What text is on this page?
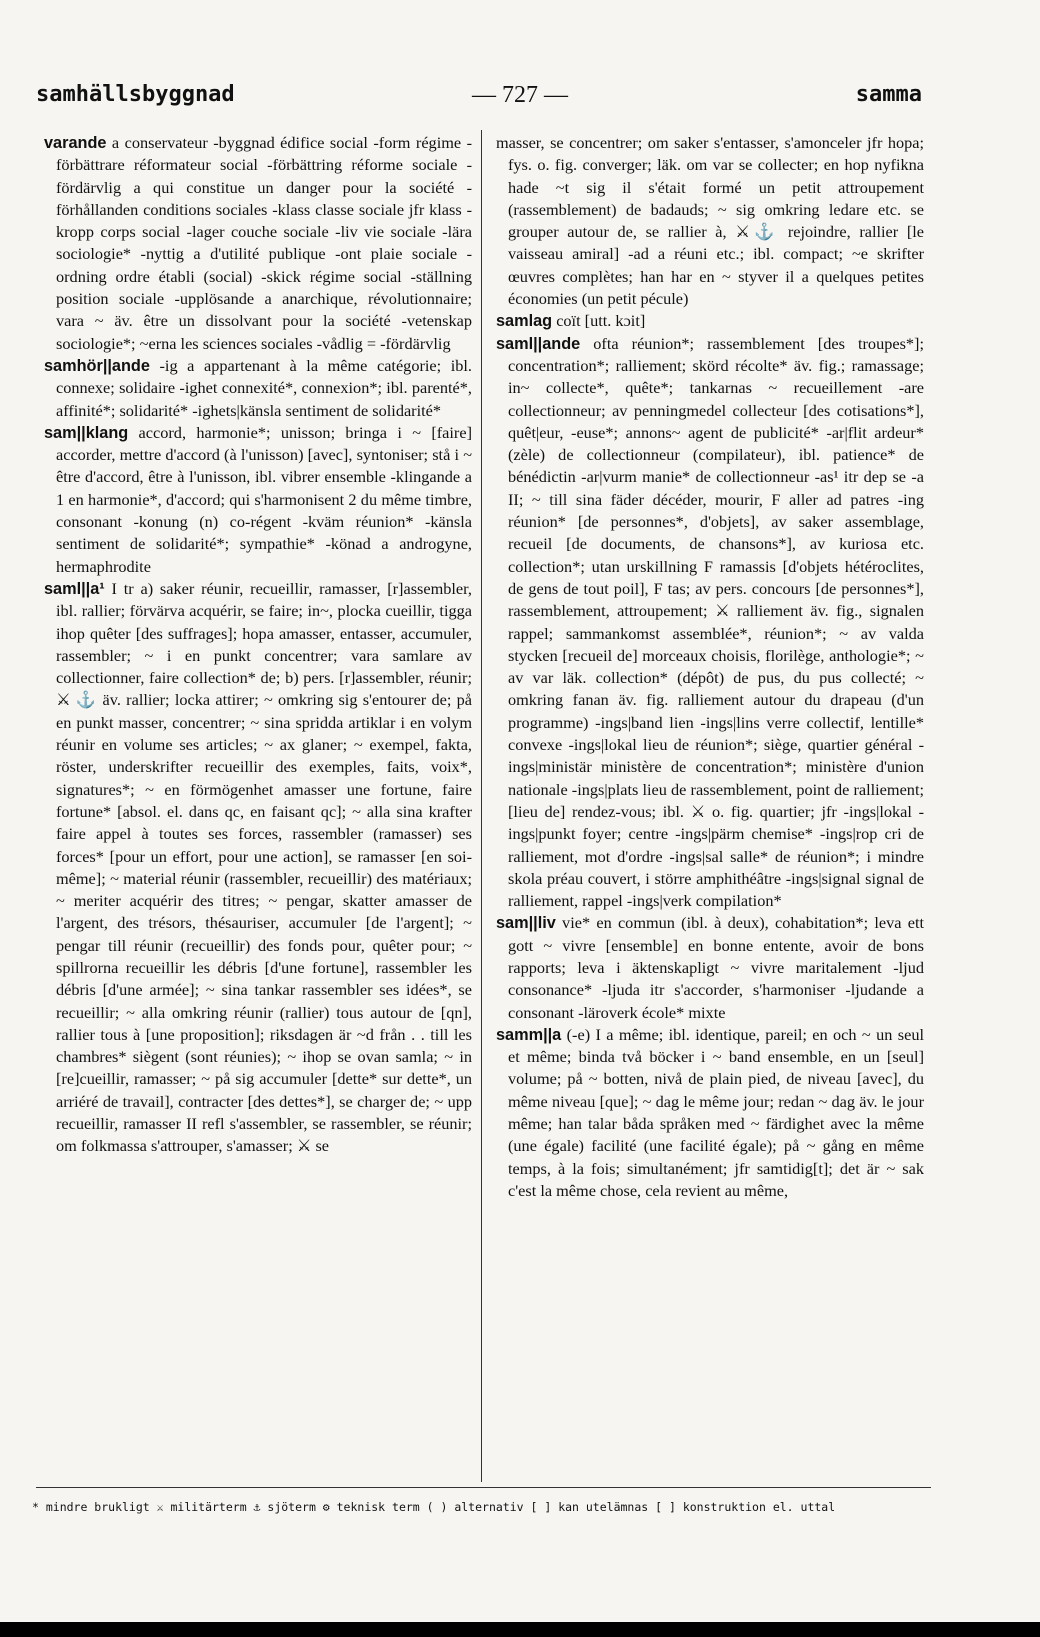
samhällsbyggnad	— 727 —	samma

varande a conservateur -byggnad édifice social -form régime -förbättrare réformateur social -förbättring réforme sociale -fördärvlig a qui constitue un danger pour la société -förhållanden conditions sociales -klass classe sociale jfr klass -kropp corps social -lager couche sociale -liv vie sociale -lära sociologie* -nyttig a d'utilité publique -ont plaie sociale -ordning ordre établi (social) -skick régime social -ställning position sociale -upplösande a anarchique, révolutionnaire; vara ~ äv. être un dissolvant pour la société -vetenskap sociologie*; ~erna les sciences sociales -vådlig = -fördärvlig

samhör||ande -ig a appartenant à la même catégorie; ibl. connexe; solidaire -ighet connexité*, connexion*; ibl. parenté*, affinité*; solidarité* -ighets|känsla sentiment de solidarité*

sam||klang accord, harmonie*; unisson; bringa i ~ [faire] accorder, mettre d'accord (à l'unisson) [avec], syntoniser; stå i ~ être d'accord, être à l'unisson, ibl. vibrer ensemble -klingande a 1 en harmonie*, d'accord; qui s'harmonisent 2 du même timbre, consonant -konung (n) co-régent -kväm réunion* -känsla sentiment de solidarité*; sympathie* -könad a androgyne, hermaphrodite

saml||a¹ I tr a) saker réunir, recueillir, ramasser, [r]assembler, ibl. rallier; förvärva acquérir, se faire; in~, plocka cueillir, tigga ihop quêter [des suffrages]; hopa amasser, entasser, accumuler, rassembler; ~ i en punkt concentrer; vara samlare av collectionner, faire collection* de; b) pers. [r]assembler, réunir; ⚔ ⚓ äv. rallier; locka attirer; ~ omkring sig s'entourer de; på en punkt masser, concentrer; ~ sina spridda artiklar i en volym réunir en volume ses articles; ~ ax glaner; ~ exempel, fakta, röster, underskrifter recueillir des exemples, faits, voix*, signatures*; ~ en förmögenhet amasser une fortune, faire fortune* [absol. el. dans qc, en faisant qc]; ~ alla sina krafter faire appel à toutes ses forces, rassembler (ramasser) ses forces* [pour un effort, pour une action], se ramasser [en soi-même]; ~ material réunir (rassembler, recueillir) des matériaux; ~ meriter acquérir des titres; ~ pengar, skatter amasser de l'argent, des trésors, thésauriser, accumuler [de l'argent]; ~ pengar till réunir (recueillir) des fonds pour, quêter pour; ~ spillrorna recueillir les débris [d'une fortune], rassembler les débris [d'une armée]; ~ sina tankar rassembler ses idées*, se recueillir; ~ alla omkring réunir (rallier) tous autour de [qn], rallier tous à [une proposition]; riksdagen är ~d från . . till les chambres* siègent (sont réunies); ~ ihop se ovan samla; ~ in [re]cueillir, ramasser; ~ på sig accumuler [dette* sur dette*, un arriéré de travail], contracter [des dettes*], se charger de; ~ upp recueillir, ramasser II refl s'assembler, se rassembler, se réunir; om folkmassa s'attrouper, s'amasser; ⚔ se

masser, se concentrer; om saker s'entasser, s'amonceler jfr hopa; fys. o. fig. converger; läk. om var se collecter; en hop nyfikna hade ~t sig il s'était formé un petit attroupement (rassemblement) de badauds; ~ sig omkring ledare etc. se grouper autour de, se rallier à, ⚔⚓ rejoindre, rallier [le vaisseau amiral] -ad a réuni etc.; ibl. compact; ~e skrifter œuvres complètes; han har en ~ styver il a quelques petites économies (un petit pécule)

samlag coït [utt. kɔit]

saml||ande ofta réunion*; rassemblement [des troupes*]; concentration*; ralliement; skörd récolte* äv. fig.; ramassage; in~ collecte*, quête*; tankarnas ~ recueillement -are collectionneur; av penningmedel collecteur [des cotisations*], quêt|eur, -euse*; annons~ agent de publicité* -ar|flit ardeur* (zèle) de collectionneur (compilateur), ibl. patience* de bénédictin -ar|vurm manie* de collectionneur -as¹ itr dep se -a II; ~ till sina fäder décéder, mourir, F aller ad patres -ing réunion* [de personnes*, d'objets], av saker assemblage, recueil [de documents, de chansons*], av kuriosa etc. collection*; utan urskillning F ramassis [d'objets hétéroclites, de gens de tout poil], F tas; av pers. concours [de personnes*], rassemblement, attroupement; ⚔ ralliement äv. fig., signalen rappel; sammankomst assemblée*, réunion*; ~ av valda stycken [recueil de] morceaux choisis, florilège, anthologie*; ~ av var läk. collection* (dépôt) de pus, du pus collecté; ~ omkring fanan äv. fig. ralliement autour du drapeau (d'un programme) -ings|band lien -ings|lins verre collectif, lentille* convexe -ings|lokal lieu de réunion*; siège, quartier général -ings|ministär ministère de concentration*; ministère d'union nationale -ings|plats lieu de rassemblement, point de ralliement; [lieu de] rendez-vous; ibl. ⚔ o. fig. quartier; jfr -ings|lokal -ings|punkt foyer; centre -ings|pärm chemise* -ings|rop cri de ralliement, mot d'ordre -ings|sal salle* de réunion*; i mindre skola préau couvert, i större amphithéâtre -ings|signal signal de ralliement, rappel -ings|verk compilation*

sam||liv vie* en commun (ibl. à deux), cohabitation*; leva ett gott ~ vivre [ensemble] en bonne entente, avoir de bons rapports; leva i äktenskapligt ~ vivre maritalement -ljud consonance* -ljuda itr s'accorder, s'harmoniser -ljudande a consonant -läroverk école* mixte

samm||a (-e) I a même; ibl. identique, pareil; en och ~ un seul et même; binda två böcker i ~ band ensemble, en un [seul] volume; på ~ botten, nivå de plain pied, de niveau [avec], du même niveau [que]; ~ dag le même jour; redan ~ dag äv. le jour même; han talar båda språken med ~ färdighet avec la même (une égale) facilité (une facilité égale); på ~ gång en même temps, à la fois; simultanément; jfr samtidig[t]; det är ~ sak c'est la même chose, cela revient au même,

* mindre brukligt ⚔ militärterm ⚓ sjöterm ⚙ teknisk term ( ) alternativ [ ] kan utelämnas [ ] konstruktion el. uttal
